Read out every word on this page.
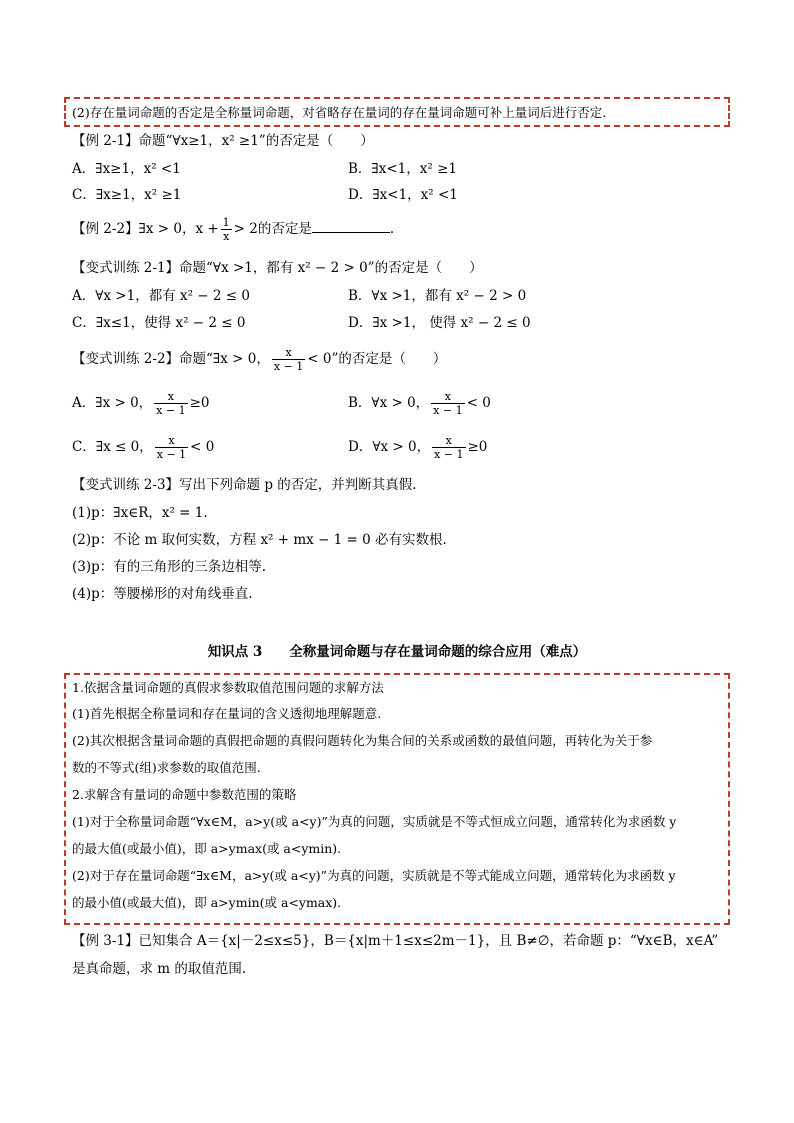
(2)存在量词命题的否定是全称量词命题，对省略存在量词的存在量词命题可补上量词后进行否定.
【例 2-1】命题“∀x≥1，x² ≥1”的否定是（　　）
A．∃x≥1，x² <1	B．∃x<1，x² ≥1
C．∃x≥1，x² ≥1	D．∃x<1，x² <1
【例 2-2】∃x > 0，$x + \frac{1}{x} > 2$的否定是	.
【变式训练 2-1】命题“∀x >1，都有 x² − 2 > 0”的否定是（　　）
A．∀x >1，都有 x² − 2 ≤ 0	B．∀x >1，都有 x² − 2 > 0
C．∃x≤1，使得 x² − 2 ≤ 0	D．∃x >1， 使得 x² − 2 ≤ 0
【变式训练 2-2】命题“∃x > 0， $\frac{x}{x - 1} < 0$”的否定是（　　）
A．∃x > 0， $\frac{x}{x - 1} \ge 0$	B．∀x > 0， $\frac{x}{x - 1} < 0$
C．∃x ≤ 0， $\frac{x}{x - 1} < 0$	D．∀x > 0， $\frac{x}{x - 1} \ge 0$
【变式训练 2-3】写出下列命题 p 的否定，并判断其真假.
(1)p：∃x∈R，x² = 1.
(2)p：不论 m 取何实数，方程 x² + mx − 1 = 0 必有实数根.
(3)p：有的三角形的三条边相等.
(4)p：等腰梯形的对角线垂直.
知识点 3　　全称量词命题与存在量词命题的综合应用（难点）
1.依据含量词命题的真假求参数取值范围问题的求解方法
(1)首先根据全称量词和存在量词的含义透彻地理解题意.
(2)其次根据含量词命题的真假把命题的真假问题转化为集合间的关系或函数的最值问题，再转化为关于参
数的不等式(组)求参数的取值范围.
2.求解含有量词的命题中参数范围的策略
(1)对于全称量词命题“∀x∈M，a>y(或 a<y)”为真的问题，实质就是不等式恒成立问题，通常转化为求函数 y
的最大值(或最小值)，即 a>ymax(或 a<ymin).
(2)对于存在量词命题“∃x∈M，a>y(或 a<y)”为真的问题，实质就是不等式能成立问题，通常转化为求函数 y
的最小值(或最大值)，即 a>ymin(或 a<ymax).
【例 3-1】已知集合 A＝{x|－2≤x≤5}，B＝{x|m＋1≤x≤2m－1}，且 B≠∅，若命题 p：“∀x∈B，x∈A”
是真命题，求 m 的取值范围.
